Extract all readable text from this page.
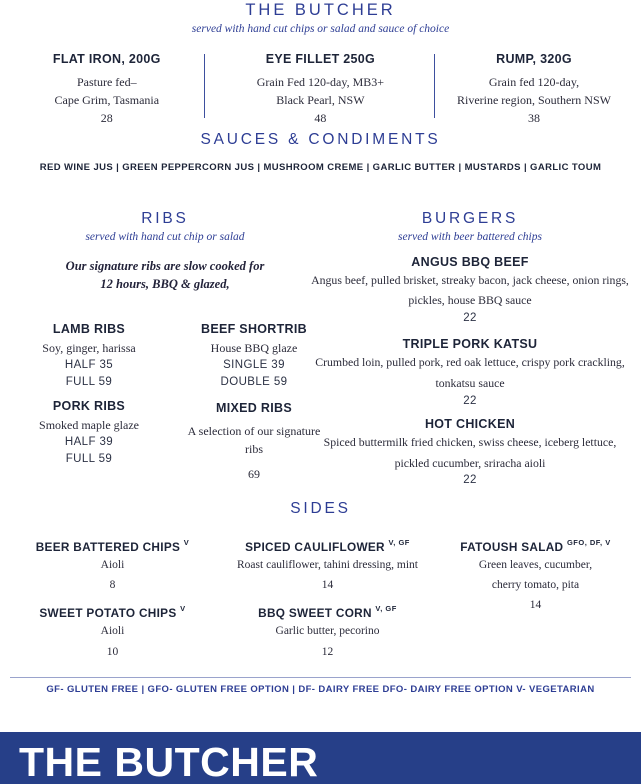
THE BUTCHER
served with hand cut chips or salad and sauce of choice
FLAT IRON, 200G
Pasture fed–
Cape Grim, Tasmania
28
EYE FILLET 250G
Grain Fed 120-day, MB3+
Black Pearl, NSW
48
RUMP, 320G
Grain fed 120-day,
Riverine region, Southern NSW
38
SAUCES & CONDIMENTS
RED WINE JUS | GREEN PEPPERCORN JUS | MUSHROOM CREME | GARLIC BUTTER | MUSTARDS | GARLIC TOUM
RIBS
served with hand cut chip or salad
Our signature ribs are slow cooked for
12 hours, BBQ & glazed,
LAMB RIBS
Soy, ginger, harissa
HALF 35
FULL 59
PORK RIBS
Smoked maple glaze
HALF 39
FULL 59
BEEF SHORTRIB
House BBQ glaze
SINGLE 39
DOUBLE 59
MIXED RIBS
A selection of our signature ribs
69
BURGERS
served with beer battered chips
ANGUS BBQ BEEF
Angus beef, pulled brisket, streaky bacon, jack cheese, onion rings,
pickles, house BBQ sauce
22
TRIPLE PORK KATSU
Crumbed loin, pulled pork, red oak lettuce, crispy pork crackling,
tonkatsu sauce
22
HOT CHICKEN
Spiced buttermilk fried chicken, swiss cheese, iceberg lettuce,
pickled cucumber, sriracha aioli
22
SIDES
BEER BATTERED CHIPS $^V$
Aioli
8
SWEET POTATO CHIPS $^V$
Aioli
10
SPICED CAULIFLOWER $^{V, GF}$
Roast cauliflower, tahini dressing, mint
14
BBQ SWEET CORN $^{V, GF}$
Garlic butter, pecorino
12
FATOUSH SALAD $^{GFO, DF, V}$
Green leaves, cucumber,
cherry tomato, pita
14
GF- GLUTEN FREE | GFO- GLUTEN FREE OPTION | DF- DAIRY FREE DFO- DAIRY FREE OPTION V- VEGETARIAN
THE BUTCHER
